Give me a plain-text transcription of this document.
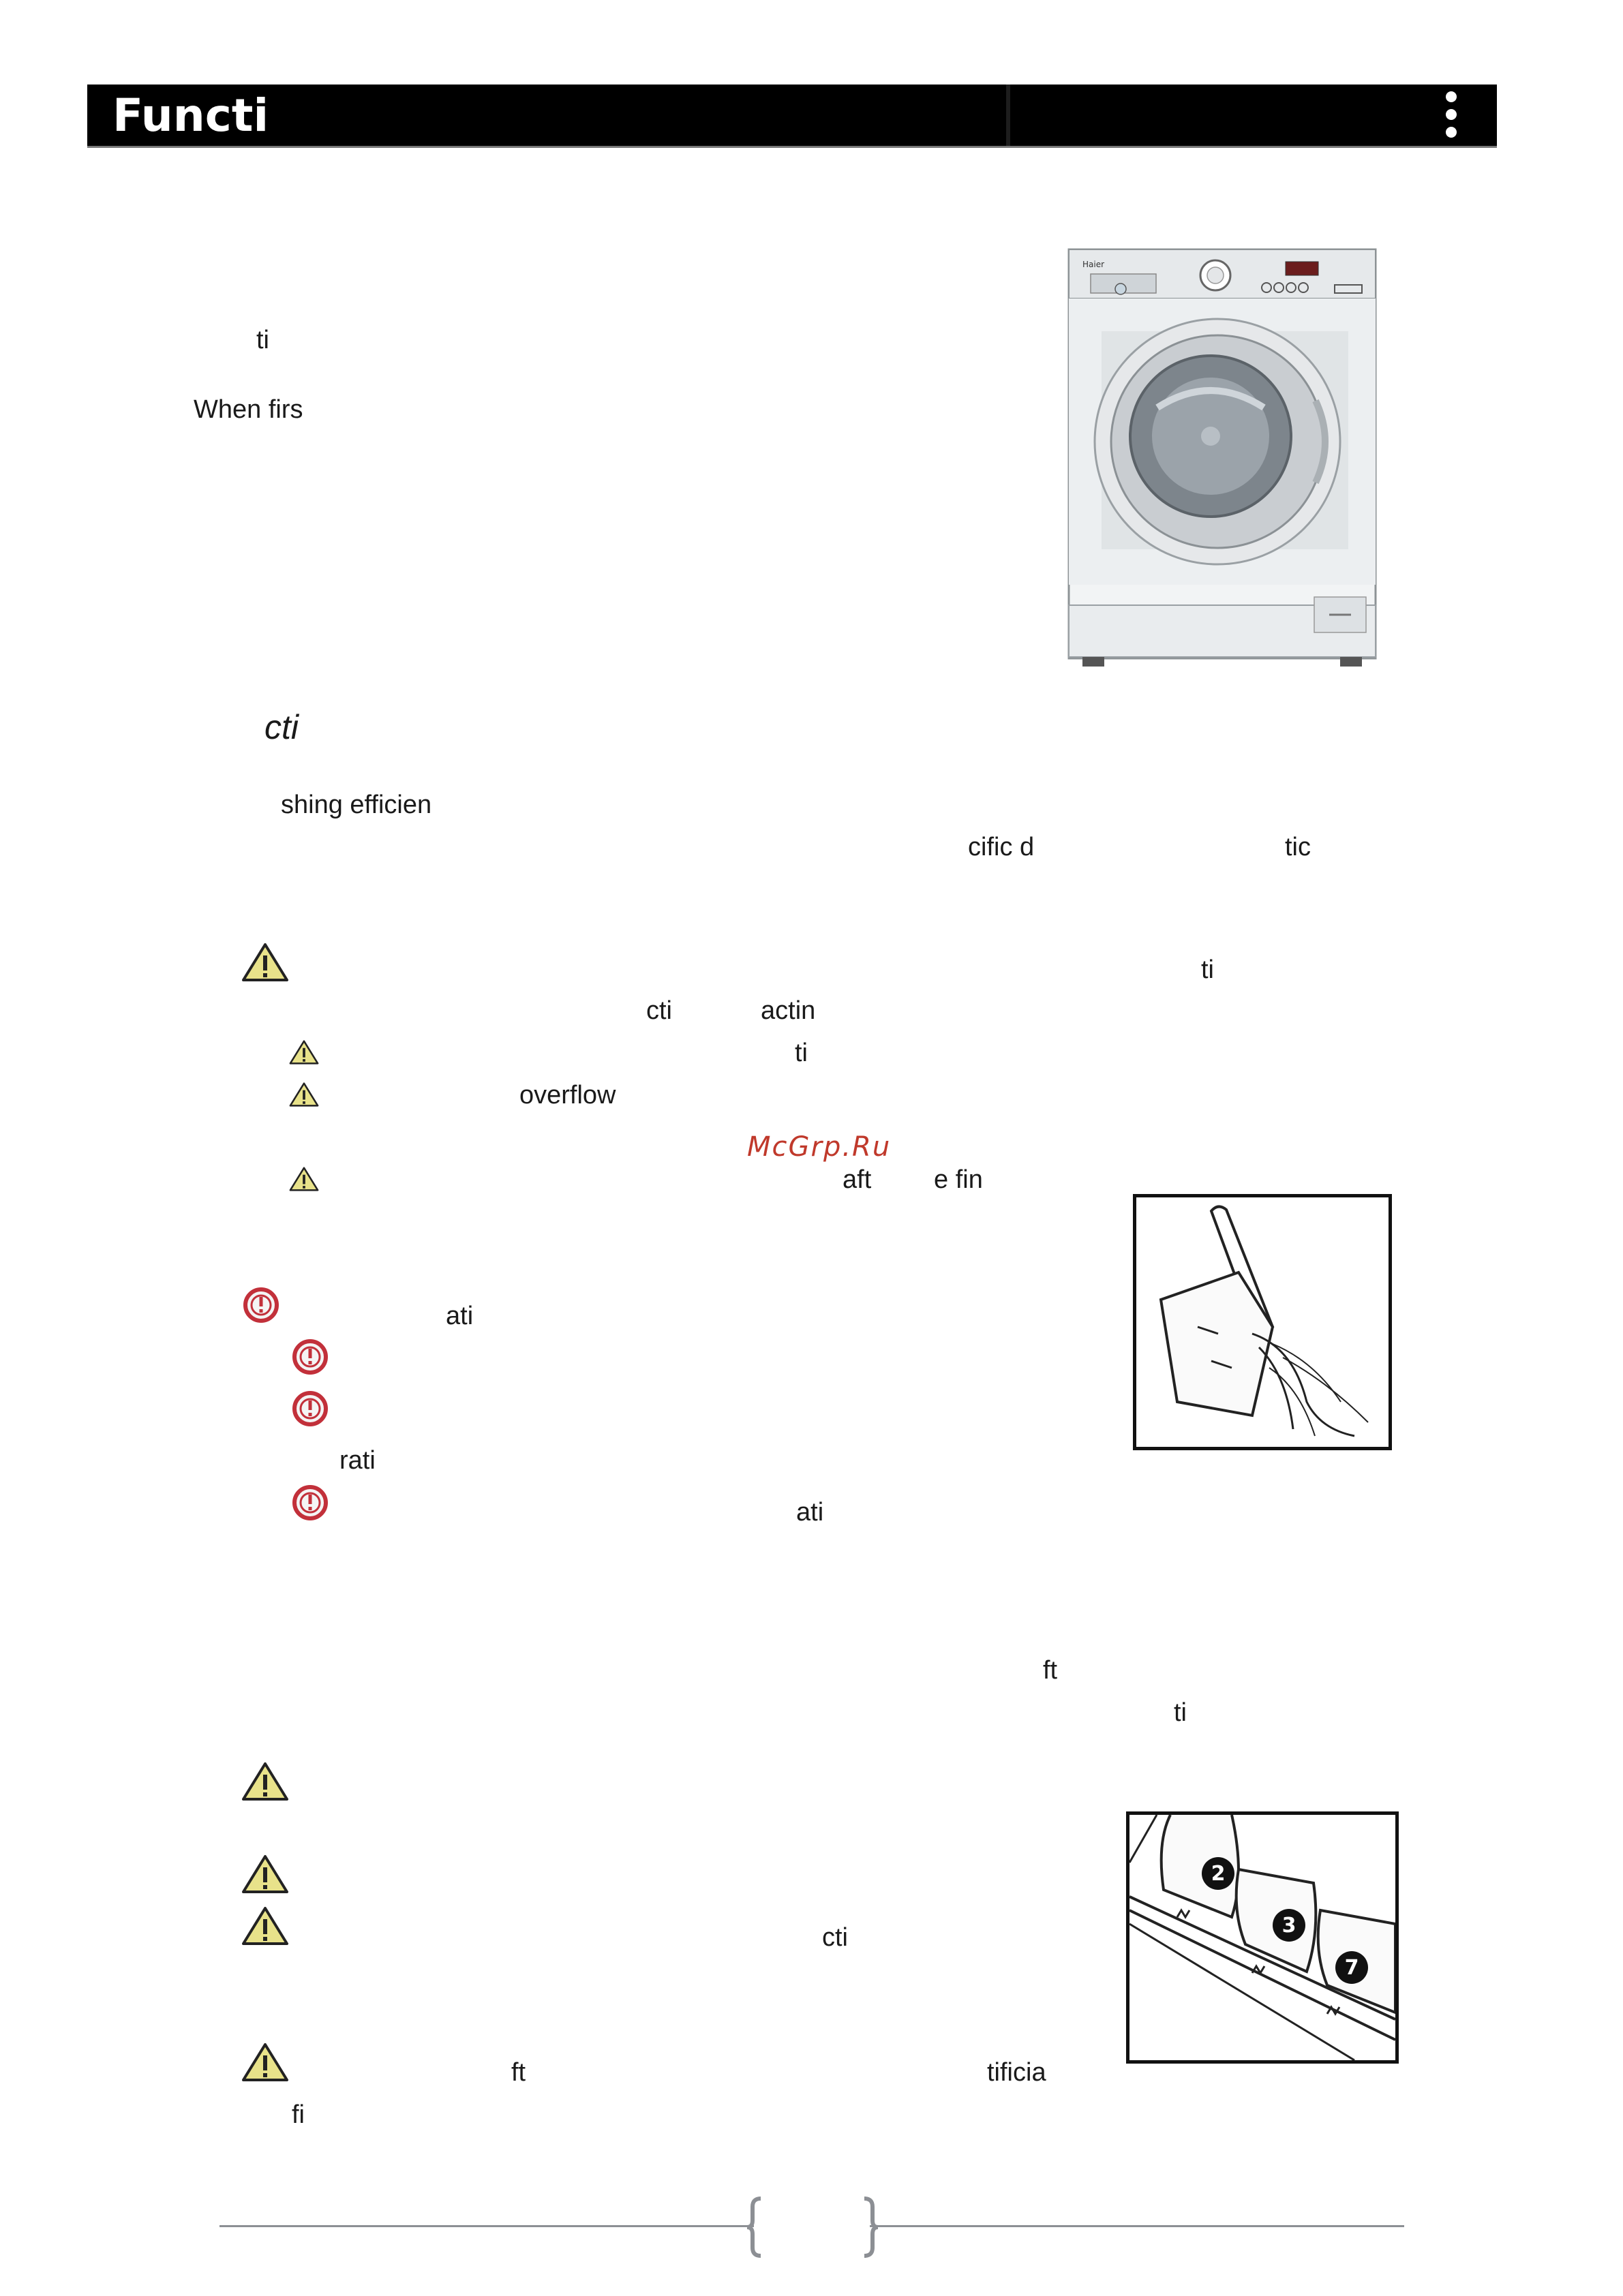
Functi
Haier
ti
When firs
cti
shing efficien
cific d	tic
ti
cti	actin
ti
overflow
McGrp.Ru
aft e fin
ati
rati
ati
ft
ti
cti
ft	tificia
fi
2
3
7
